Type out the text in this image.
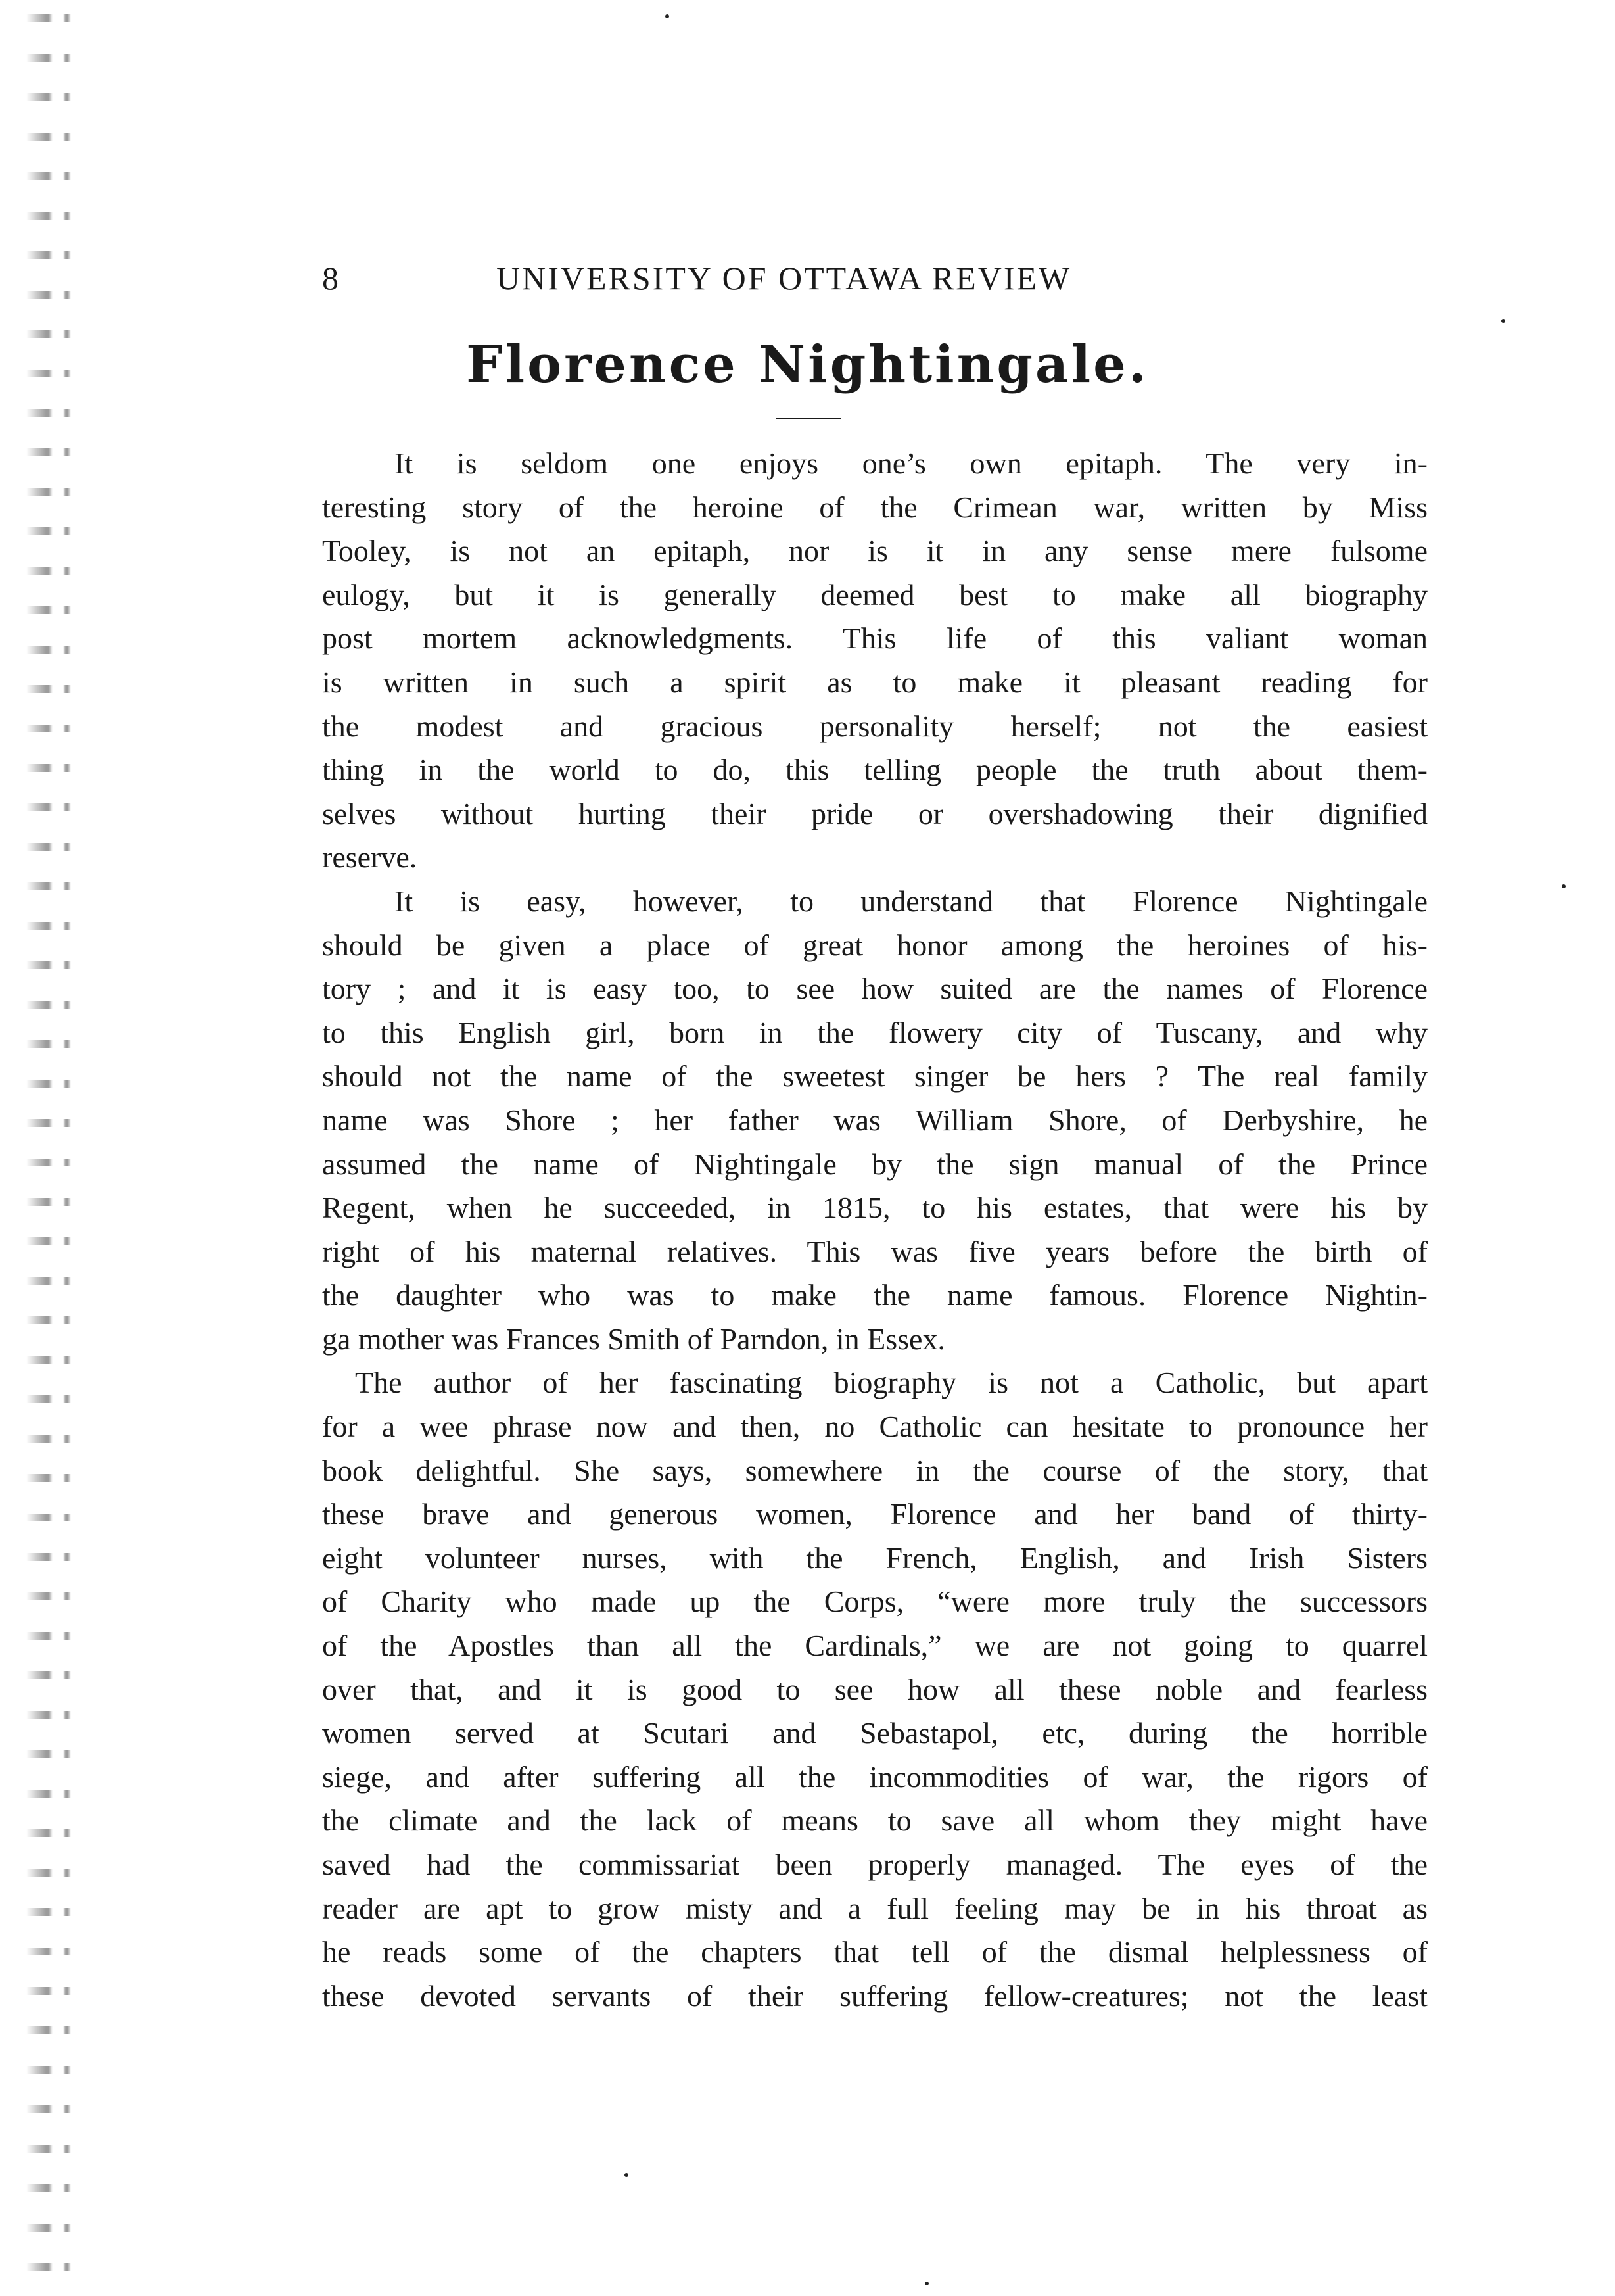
8	UNIVERSITY OF OTTAWA REVIEW
Florence Nightingale.
It is seldom one enjoys one’s own epitaph. The very in-
teresting story of the heroine of the Crimean war, written by Miss
Tooley, is not an epitaph, nor is it in any sense mere fulsome
eulogy, but it is generally deemed best to make all biography
post mortem acknowledgments. This life of this valiant woman
is written in such a spirit as to make it pleasant reading for
the modest and gracious personality herself; not the easiest
thing in the world to do, this telling people the truth about them-
selves without hurting their pride or overshadowing their dignified
reserve.
It is easy, however, to understand that Florence Nightingale
should be given a place of great honor among the heroines of his-
tory ; and it is easy too, to see how suited are the names of Florence
to this English girl, born in the flowery city of Tuscany, and why
should not the name of the sweetest singer be hers ? The real family
name was Shore ; her father was William Shore, of Derbyshire, he
assumed the name of Nightingale by the sign manual of the Prince
Regent, when he succeeded, in 1815, to his estates, that were his by
right of his maternal relatives. This was five years before the birth of
the daughter who was to make the name famous. Florence Nightin-
ga mother was Frances Smith of Parndon, in Essex.
The author of her fascinating biography is not a Catholic, but apart
for a wee phrase now and then, no Catholic can hesitate to pronounce her
book delightful. She says, somewhere in the course of the story, that
these brave and generous women, Florence and her band of thirty-
eight volunteer nurses, with the French, English, and Irish Sisters
of Charity who made up the Corps, “were more truly the successors
of the Apostles than all the Cardinals,” we are not going to quarrel
over that, and it is good to see how all these noble and fearless
women served at Scutari and Sebastapol, etc, during the horrible
siege, and after suffering all the incommodities of war, the rigors of
the climate and the lack of means to save all whom they might have
saved had the commissariat been properly managed. The eyes of the
reader are apt to grow misty and a full feeling may be in his throat as
he reads some of the chapters that tell of the dismal helplessness of
these devoted servants of their suffering fellow-creatures; not the least
